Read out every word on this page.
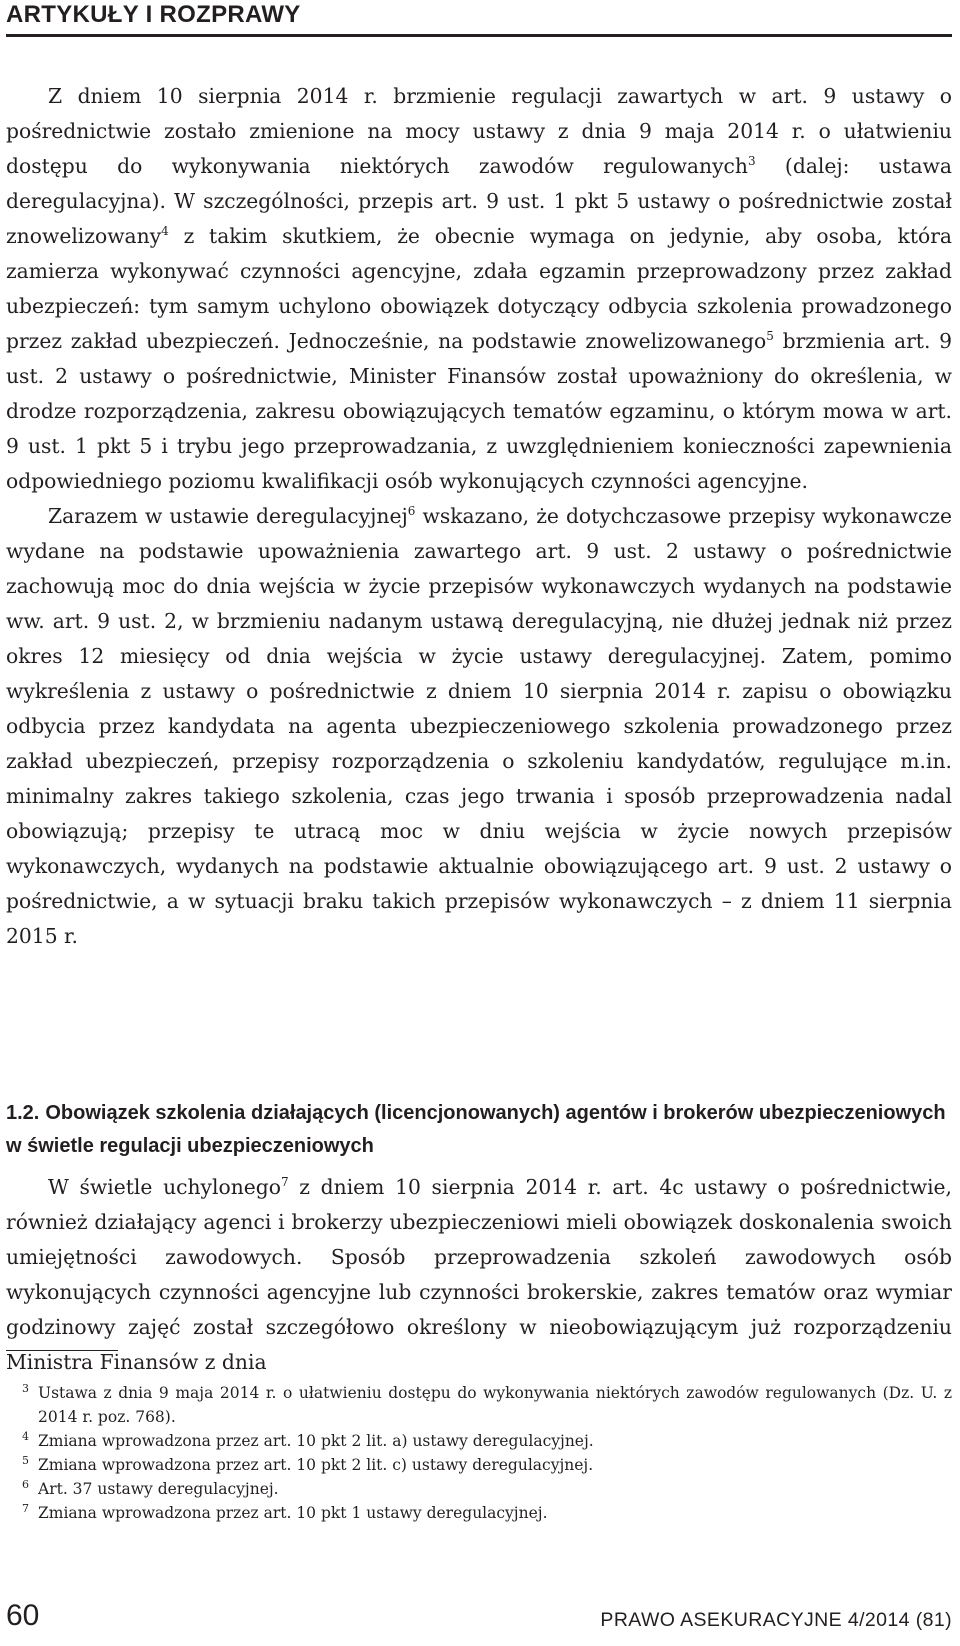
ARTYKUŁY I ROZPRAWY

Z dniem 10 sierpnia 2014 r. brzmienie regulacji zawartych w art. 9 ustawy o pośrednictwie zostało zmienione na mocy ustawy z dnia 9 maja 2014 r. o ułatwieniu dostępu do wykonywania niektórych zawodów regulowanych$^3$ (dalej: ustawa deregulacyjna). W szczególności, przepis art. 9 ust. 1 pkt 5 ustawy o pośrednictwie został znowelizowany$^4$ z takim skutkiem, że obecnie wymaga on jedynie, aby osoba, która zamierza wykonywać czynności agencyjne, zdała egzamin przeprowadzony przez zakład ubezpieczeń: tym samym uchylono obowiązek dotyczący odbycia szkolenia prowadzonego przez zakład ubezpieczeń. Jednocześnie, na podstawie znowelizowanego$^5$ brzmienia art. 9 ust. 2 ustawy o pośrednictwie, Minister Finansów został upoważniony do określenia, w drodze rozporządzenia, zakresu obowiązujących tematów egzaminu, o którym mowa w art. 9 ust. 1 pkt 5 i trybu jego przeprowadzania, z uwzględnieniem konieczności zapewnienia odpowiedniego poziomu kwalifikacji osób wykonujących czynności agencyjne.

Zarazem w ustawie deregulacyjnej$^6$ wskazano, że dotychczasowe przepisy wykonawcze wydane na podstawie upoważnienia zawartego art. 9 ust. 2 ustawy o pośrednictwie zachowują moc do dnia wejścia w życie przepisów wykonawczych wydanych na podstawie ww. art. 9 ust. 2, w brzmieniu nadanym ustawą deregulacyjną, nie dłużej jednak niż przez okres 12 miesięcy od dnia wejścia w życie ustawy deregulacyjnej. Zatem, pomimo wykreślenia z ustawy o pośrednictwie z dniem 10 sierpnia 2014 r. zapisu o obowiązku odbycia przez kandydata na agenta ubezpieczeniowego szkolenia prowadzonego przez zakład ubezpieczeń, przepisy rozporządzenia o szkoleniu kandydatów, regulujące m.in. minimalny zakres takiego szkolenia, czas jego trwania i sposób przeprowadzenia nadal obowiązują; przepisy te utracą moc w dniu wejścia w życie nowych przepisów wykonawczych, wydanych na podstawie aktualnie obowiązującego art. 9 ust. 2 ustawy o pośrednictwie, a w sytuacji braku takich przepisów wykonawczych – z dniem 11 sierpnia 2015 r.

1.2. Obowiązek szkolenia działających (licencjonowanych) agentów i brokerów ubezpieczeniowych w świetle regulacji ubezpieczeniowych

W świetle uchylonego$^7$ z dniem 10 sierpnia 2014 r. art. 4c ustawy o pośrednictwie, również działający agenci i brokerzy ubezpieczeniowi mieli obowiązek doskonalenia swoich umiejętności zawodowych. Sposób przeprowadzenia szkoleń zawodowych osób wykonujących czynności agencyjne lub czynności brokerskie, zakres tematów oraz wymiar godzinowy zajęć został szczegółowo określony w nieobowiązującym już rozporządzeniu Ministra Finansów z dnia

3 Ustawa z dnia 9 maja 2014 r. o ułatwieniu dostępu do wykonywania niektórych zawodów regulowanych (Dz. U. z 2014 r. poz. 768).
4 Zmiana wprowadzona przez art. 10 pkt 2 lit. a) ustawy deregulacyjnej.
5 Zmiana wprowadzona przez art. 10 pkt 2 lit. c) ustawy deregulacyjnej.
6 Art. 37 ustawy deregulacyjnej.
7 Zmiana wprowadzona przez art. 10 pkt 1 ustawy deregulacyjnej.
60	PRAWO ASEKURACYJNE 4/2014 (81)
